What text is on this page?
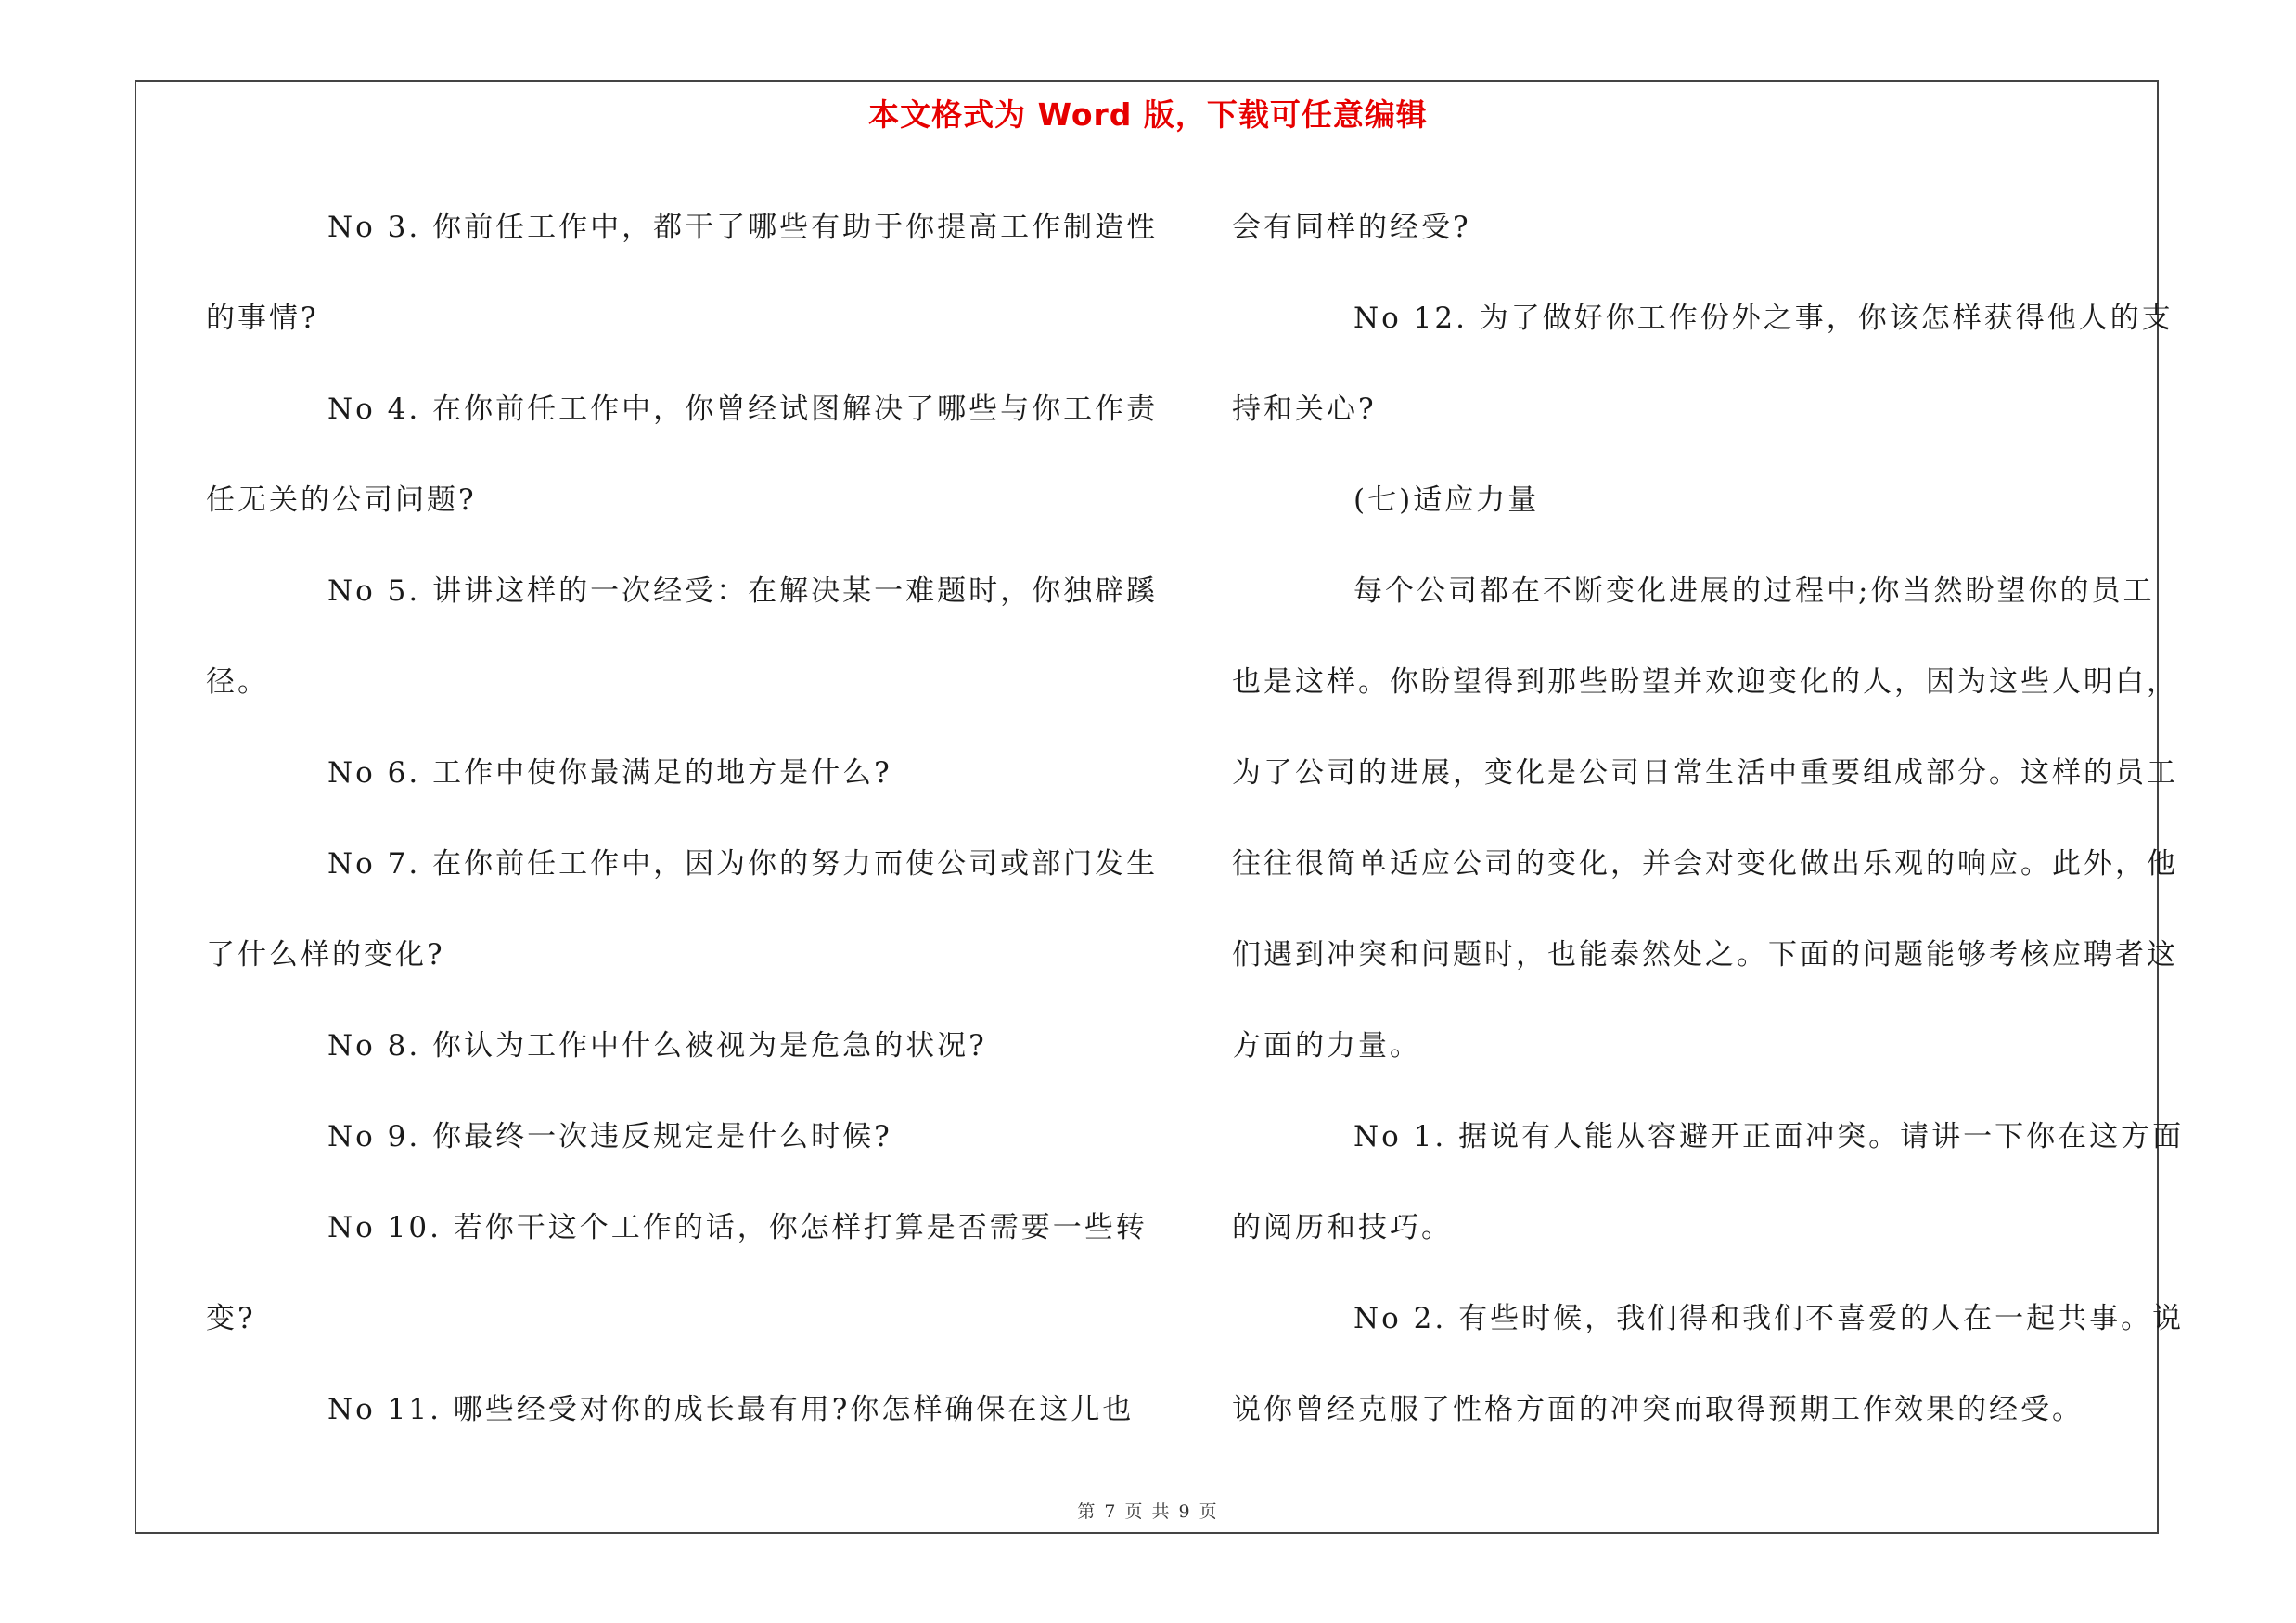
本文格式为 Word 版，下载可任意编辑
No 3. 你前任工作中，都干了哪些有助于你提高工作制造性
的事情?
No 4. 在你前任工作中，你曾经试图解决了哪些与你工作责
任无关的公司问题?
No 5. 讲讲这样的一次经受：在解决某一难题时，你独辟蹊
径。
No 6. 工作中使你最满足的地方是什么?
No 7. 在你前任工作中，因为你的努力而使公司或部门发生
了什么样的变化?
No 8. 你认为工作中什么被视为是危急的状况?
No 9. 你最终一次违反规定是什么时候?
No 10. 若你干这个工作的话，你怎样打算是否需要一些转
变?
No 11. 哪些经受对你的成长最有用?你怎样确保在这儿也
会有同样的经受?
No 12. 为了做好你工作份外之事，你该怎样获得他人的支
持和关心?
(七)适应力量
每个公司都在不断变化进展的过程中;你当然盼望你的员工
也是这样。你盼望得到那些盼望并欢迎变化的人，因为这些人明白，
为了公司的进展，变化是公司日常生活中重要组成部分。这样的员工
往往很简单适应公司的变化，并会对变化做出乐观的响应。此外，他
们遇到冲突和问题时，也能泰然处之。下面的问题能够考核应聘者这
方面的力量。
No 1. 据说有人能从容避开正面冲突。请讲一下你在这方面
的阅历和技巧。
No 2. 有些时候，我们得和我们不喜爱的人在一起共事。说
说你曾经克服了性格方面的冲突而取得预期工作效果的经受。
第 7 页 共 9 页
